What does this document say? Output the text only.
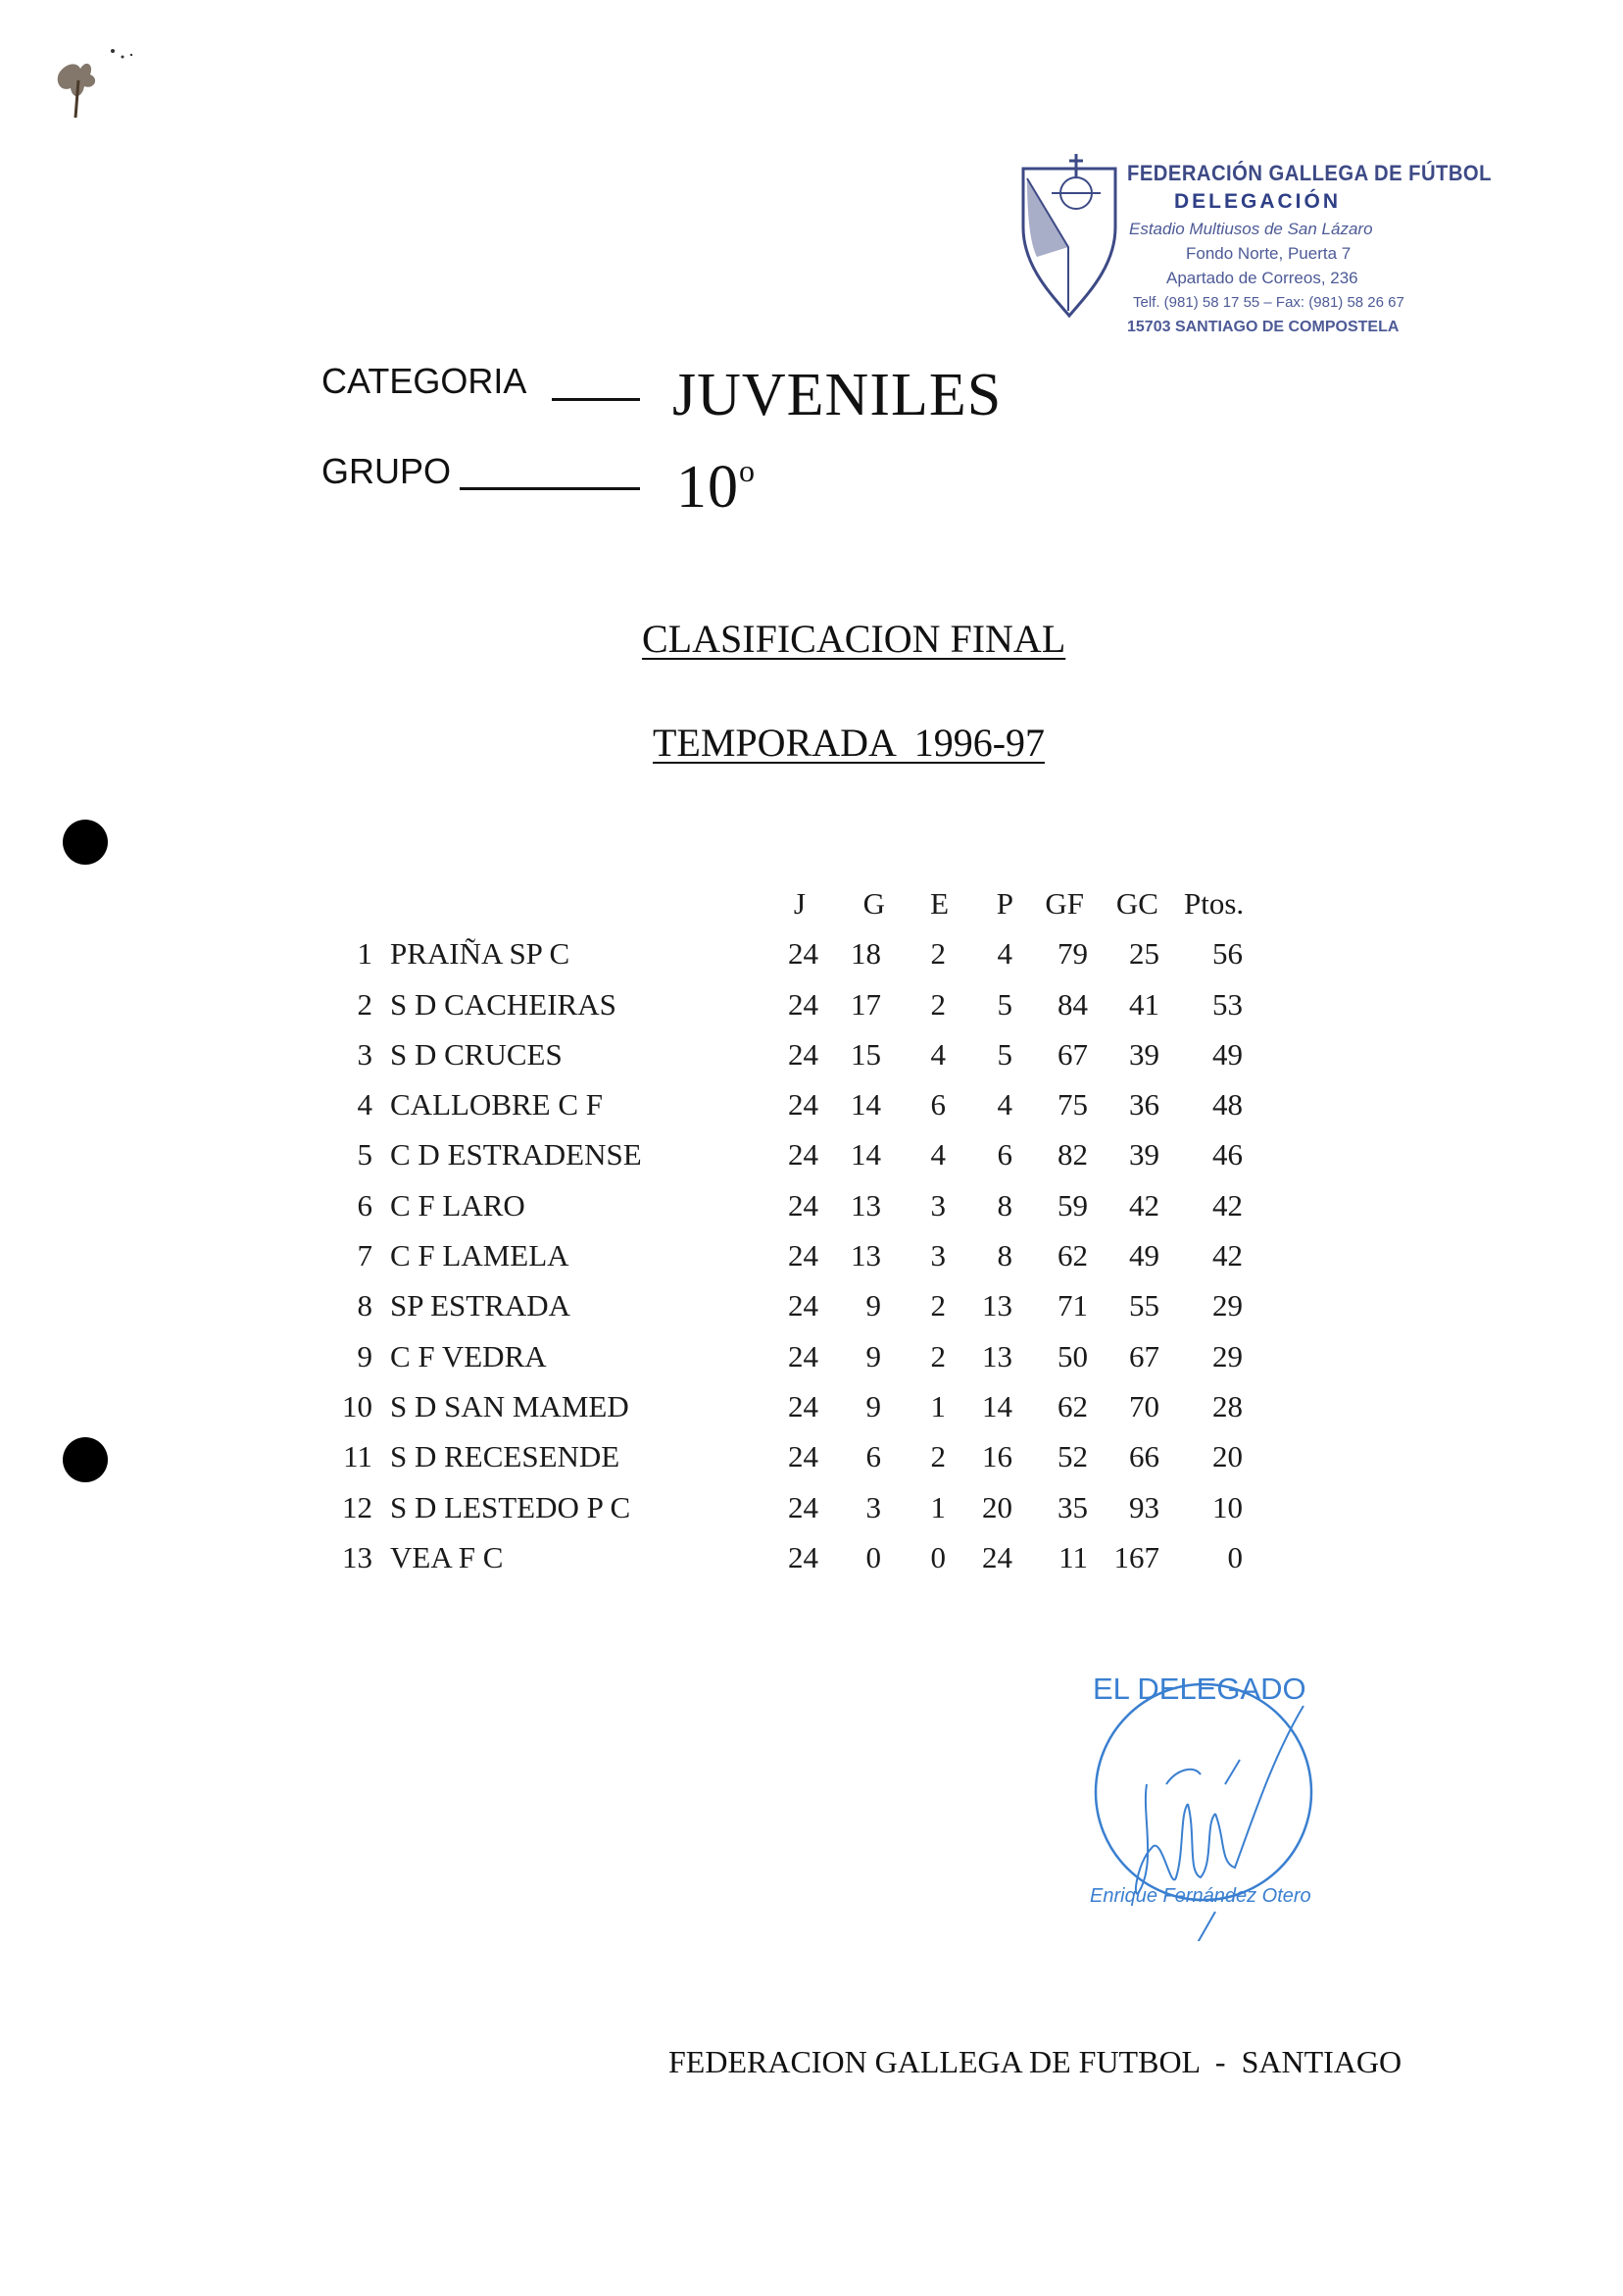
FEDERACIÓN GALLEGA DE FÚTBOL
DELEGACIÓN
Estadio Multiusos de San Lázaro
Fondo Norte, Puerta 7
Apartado de Correos, 236
Telf. (981) 58 17 55 – Fax: (981) 58 26 67
15703 SANTIAGO DE COMPOSTELA
CATEGORIA JUVENILES
GRUPO	10$^o$
CLASIFICACION FINAL
TEMPORADA  1996-97
J	G	E	P	GF	GC Ptos.
1 PRAIÑA SP C	24	18	2	4	79	25	56
2 S D CACHEIRAS	24	17	2	5	84	41	53
3 S D CRUCES	24	15	4	5	67	39	49
4 CALLOBRE C F	24	14	6	4	75	36	48
5 C D ESTRADENSE	24	14	4	6	82	39	46
6 C F LARO	24	13	3	8	59	42	42
7 C F LAMELA	24	13	3	8	62	49	42
8 SP ESTRADA	24	9	2	13	71	55	29
9 C F VEDRA	24	9	2	13	50	67	29
10 S D SAN MAMED	24	9	1	14	62	70	28
11 S D RECESENDE	24	6	2	16	52	66	20
12 S D LESTEDO P C	24	3	1	20	35	93	10
13 VEA F C	24	0	0	24	11 167	0
EL DELEGADO
Enrique Fernández Otero
FEDERACION GALLEGA DE FUTBOL  -  SANTIAGO
